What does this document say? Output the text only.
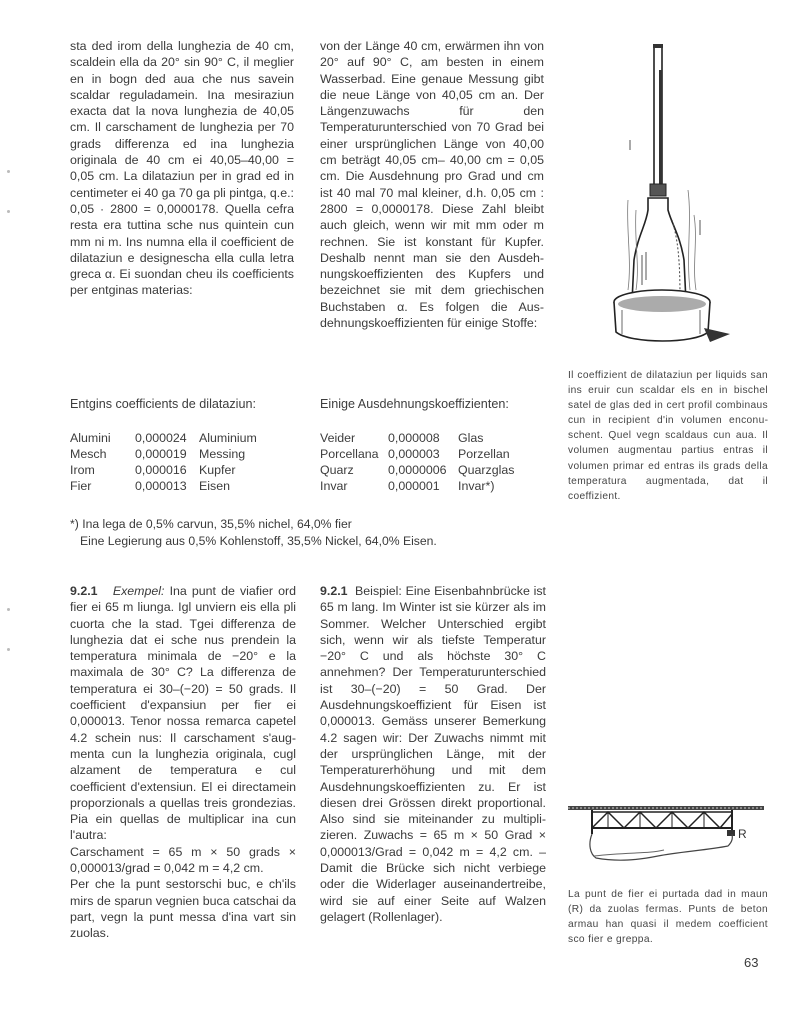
sta ded irom della lunghezia de 40 cm, scaldein ella da 20° sin 90° C, il meglier en in bogn ded aua che nus savein scaldar reguladamein. Ina mesiraziun exacta dat la nova lunghezia de 40,05 cm. Il carschament de lunghezia per 70 grads differenza ed ina lunghezia originala de 40 cm ei 40,05–40,00 = 0,05 cm. La dilataziun per in grad ed in centimeter ei 40 ga 70 ga pli pintga, q.e.: 0,05 · 2800 = 0,0000178. Quella cefra resta era tuttina sche nus quintein cun mm ni m. Ins numna ella il coefficient de dilataziun e designescha ella culla letra greca α. Ei suondan cheu ils coefficients per entginas materias:

von der Länge 40 cm, erwärmen ihn von 20° auf 90° C, am besten in einem Wasserbad. Eine genaue Messung gibt die neue Länge von 40,05 cm an. Der Längenzuwachs für den Temperaturunterschied von 70 Grad bei einer ursprünglichen Länge von 40,00 cm beträgt 40,05 cm– 40,00 cm = 0,05 cm. Die Ausdehnung pro Grad und cm ist 40 mal 70 mal kleiner, d.h. 0,05 cm : 2800 = 0,0000178. Diese Zahl bleibt auch gleich, wenn wir mit mm oder m rechnen. Sie ist konstant für Kupfer. Deshalb nennt man sie den Ausdehnungskoeffizienten des Kupfers und bezeichnet sie mit dem griechischen Buchstaben α. Es folgen die Ausdehnungskoeffizienten für einige Stoffe:

Il coeffizient de dilataziun per liquids san ins eruir cun scaldar els en in bischel satel de glas ded in cert profil combinaus cun in recipient d'in volumen enconuschent. Quel vegn scaldaus cun aua. Il volumen augmentau partius entras il volumen primar ed entras ils grads della temperatura augmentada, dat il coeffizient.
Entgins coefficients de dilataziun:
Alumini	0,000024	Aluminium
Mesch	0,000019	Messing
Irom	0,000016	Kupfer
Fier	0,000013	Eisen
Einige Ausdehnungskoeffizienten:
Veider	0,000008	Glas
Porcellana	0,000003	Porzellan
Quarz	0,0000006	Quarzglas
Invar	0,000001	Invar*)
*) Ina lega de 0,5% carvun, 35,5% nichel, 64,0% fier
Eine Legierung aus 0,5% Kohlenstoff, 35,5% Nickel, 64,0% Eisen.

9.2.1 Exempel: Ina punt de viafier ord fier ei 65 m liunga. Igl unviern eis ella pli cuorta che la stad. Tgei differenza de lunghezia dat ei sche nus prendein la temperatura minimala de −20° e la maximala de 30° C? La differenza de temperatura ei 30–(−20) = 50 grads. Il coefficient d'expansiun per fier ei 0,000013. Tenor nossa remarca capetel 4.2 schein nus: Il carschament s'augmenta cun la lunghezia originala, cugl alzament de temperatura e cul coefficient d'extensiun. El ei directamein proporzionals a quellas treis grondezias. Pia ein quellas de multiplicar ina cun l'autra:

Carschament = 65 m × 50 grads × 0,000013/grad = 0,042 m = 4,2 cm.

Per che la punt sestorschi buc, e ch'ils mirs de sparun vegnien buca catschai da part, vegn la punt messa d'ina vart sin zuolas.

9.2.1 Beispiel: Eine Eisenbahnbrücke ist 65 m lang. Im Winter ist sie kürzer als im Sommer. Welcher Unterschied ergibt sich, wenn wir als tiefste Temperatur −20° C und als höchste 30° C annehmen? Der Temperaturunterschied ist 30–(−20) = 50 Grad. Der Ausdehnungskoeffizient für Eisen ist 0,000013. Gemäss unserer Bemerkung 4.2 sagen wir: Der Zuwachs nimmt mit der ursprünglichen Länge, mit der Temperaturerhöhung und mit dem Ausdehnungskoeffizienten zu. Er ist diesen drei Grössen direkt proportional. Also sind sie miteinander zu multiplizieren. Zuwachs = 65 m × 50 Grad × 0,000013/Grad = 0,042 m = 4,2 cm. – Damit die Brücke sich nicht verbiege oder die Widerlager auseinandertreibe, wird sie auf einer Seite auf Walzen gelagert (Rollenlager).

R
La punt de fier ei purtada dad in maun (R) da zuolas fermas. Punts de beton armau han quasi il medem coefficient sco fier e greppa.
63
